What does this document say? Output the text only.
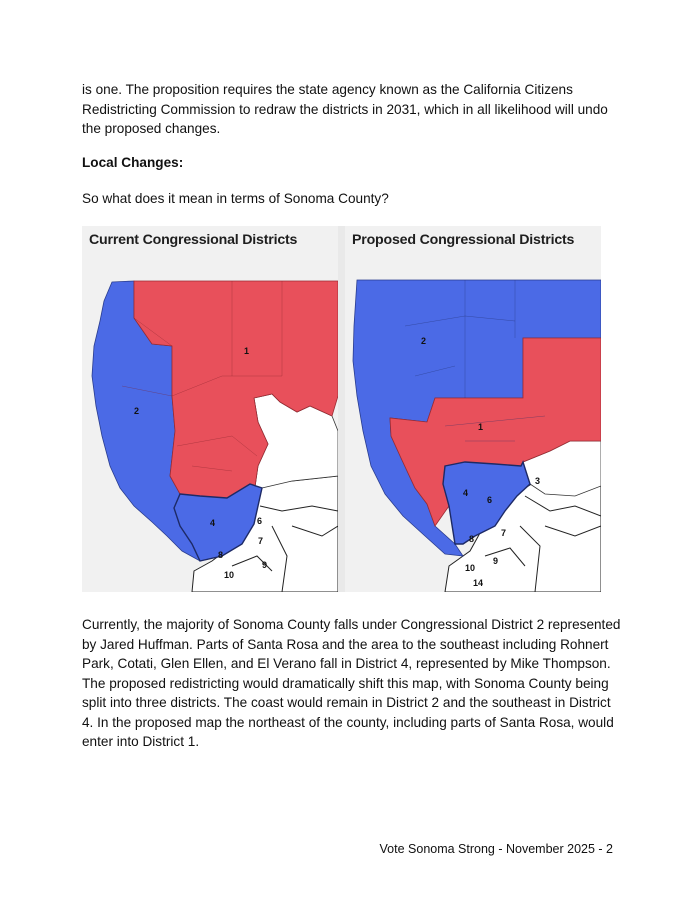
is one. The proposition requires the state agency known as the California Citizens Redistricting Commission to redraw the districts in 2031, which in all likelihood will undo the proposed changes.

Local Changes:

So what does it mean in terms of Sonoma County?

1
2
4	6
7
8
9
10
Current Congressional Districts
2
1
3
4
6
7
8
9
10
14
Proposed Congressional Districts

Currently, the majority of Sonoma County falls under Congressional District 2 represented by Jared Huffman. Parts of Santa Rosa and the area to the southeast including Rohnert Park, Cotati, Glen Ellen, and El Verano fall in District 4, represented by Mike Thompson. The proposed redistricting would dramatically shift this map, with Sonoma County being split into three districts. The coast would remain in District 2 and the southeast in District 4. In the proposed map the northeast of the county, including parts of Santa Rosa, would enter into District 1.

Vote Sonoma Strong - November 2025 - 2
